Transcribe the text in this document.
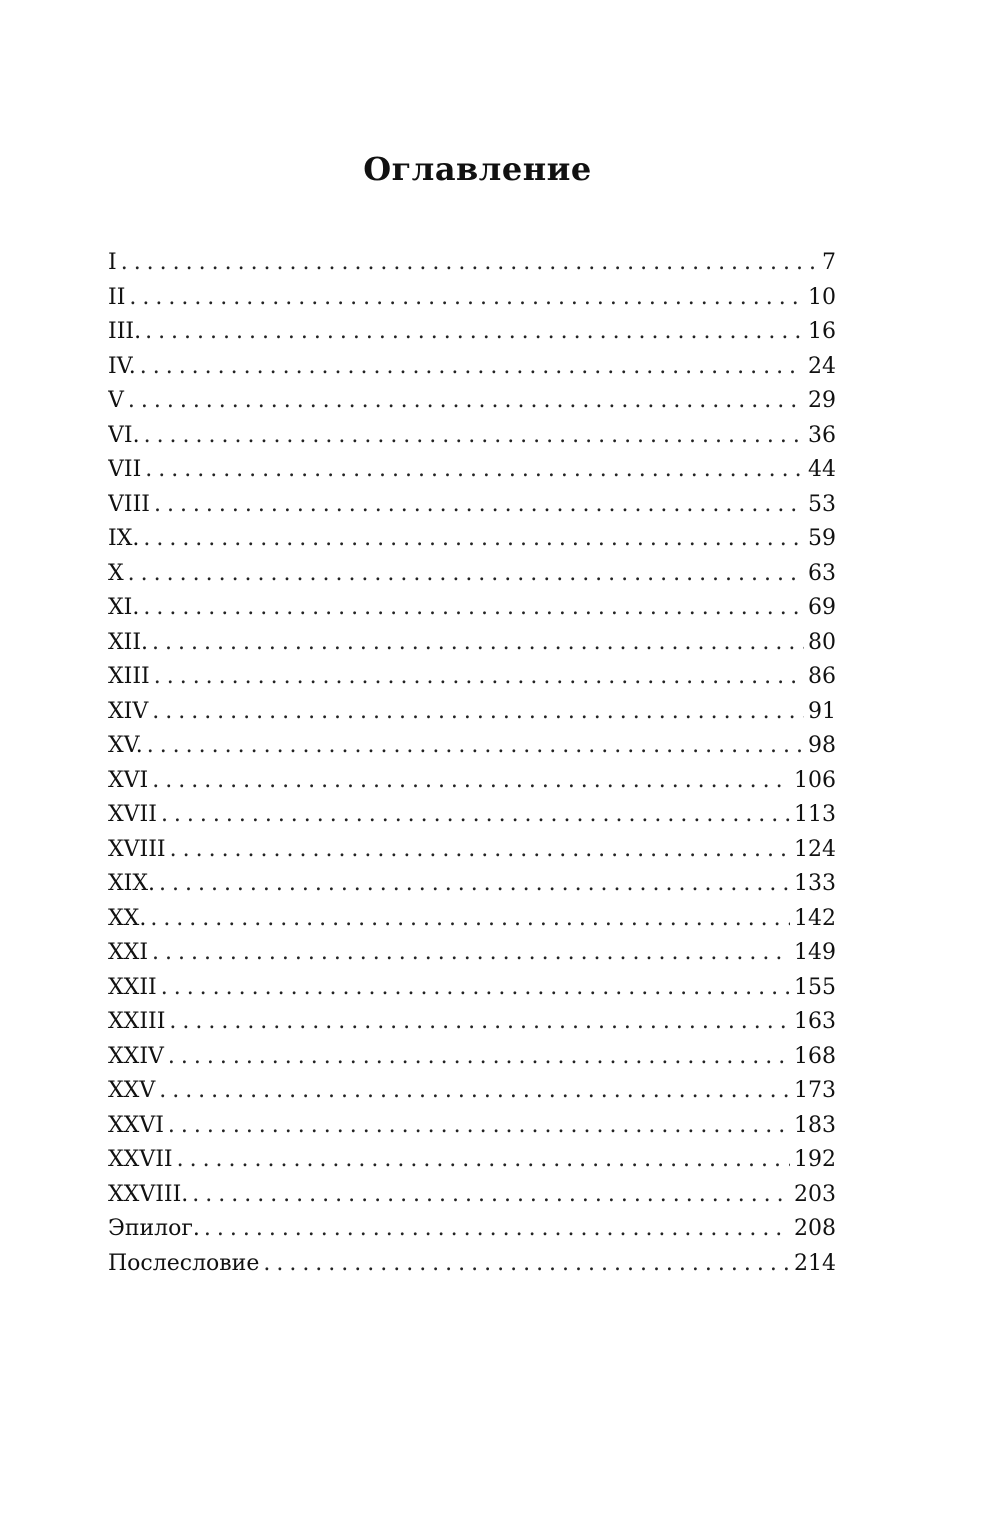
Оглавление
I . . .	7
II . . .	10
III. . . .	16
IV. . . .	24
V . . .	29
VI. . . .	36
VII . . .	44
VIII . . .	53
IX. . . .	59
X . . .	63
XI. . . .	69
XII. . . .	80
XIII . . .	86
XIV . . .	91
XV. . . .	98
XVI . . .	106
XVII . . .	113
XVIII . . .	124
XIX. . . .	133
XX. . . .	142
XXI . . .	149
XXII . . .	155
XXIII . . .	163
XXIV . . .	168
XXV . . .	173
XXVI . . .	183
XXVII . . .	192
XXVIII. . . .	203
Эпилог. . . .	208
Послесловие . . .	214
